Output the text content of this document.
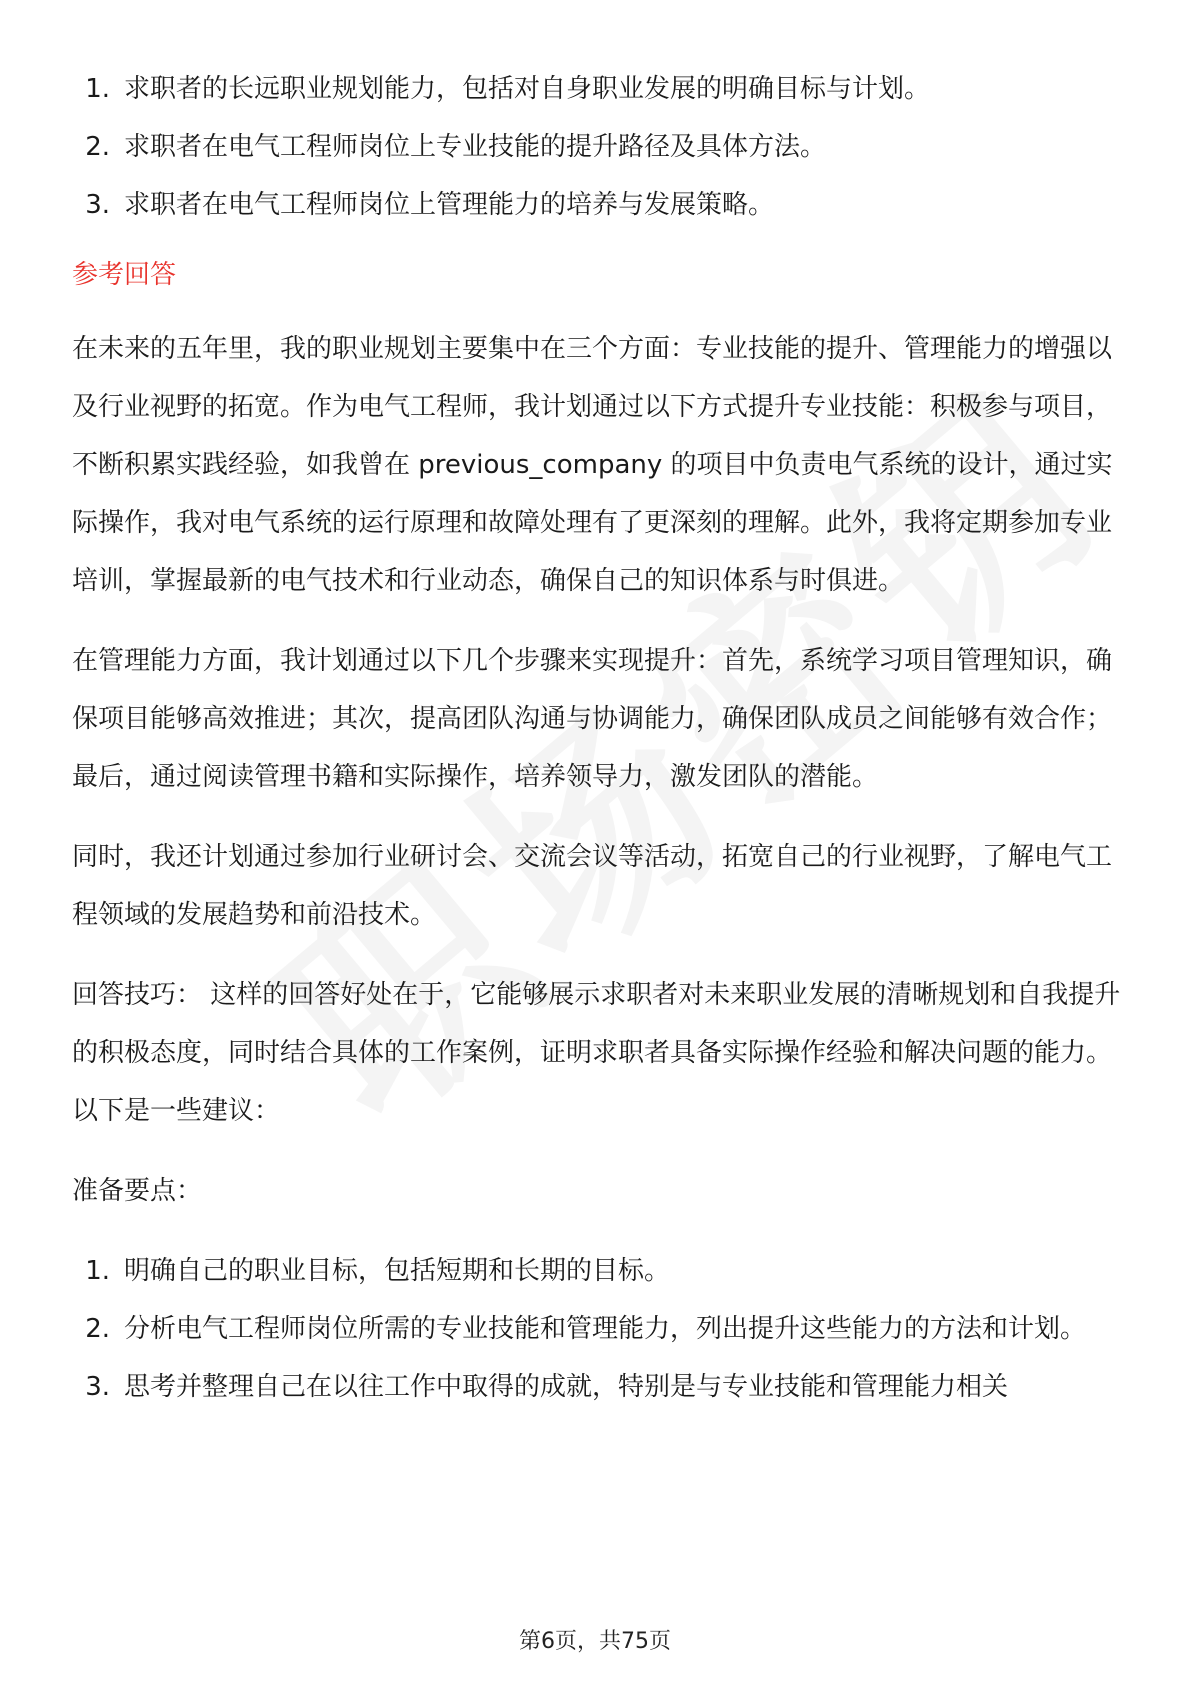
1. 求职者的长远职业规划能力，包括对自身职业发展的明确目标与计划。
2. 求职者在电气工程师岗位上专业技能的提升路径及具体方法。
3. 求职者在电气工程师岗位上管理能力的培养与发展策略。
参考回答
在未来的五年里，我的职业规划主要集中在三个方面：专业技能的提升、管理能力的增强以及行业视野的拓宽。作为电气工程师，我计划通过以下方式提升专业技能：积极参与项目，不断积累实践经验，如我曾在 previous_company 的项目中负责电气系统的设计，通过实际操作，我对电气系统的运行原理和故障处理有了更深刻的理解。此外，我将定期参加专业培训，掌握最新的电气技术和行业动态，确保自己的知识体系与时俱进。
在管理能力方面，我计划通过以下几个步骤来实现提升：首先，系统学习项目管理知识，确保项目能够高效推进；其次，提高团队沟通与协调能力，确保团队成员之间能够有效合作；最后，通过阅读管理书籍和实际操作，培养领导力，激发团队的潜能。
同时，我还计划通过参加行业研讨会、交流会议等活动，拓宽自己的行业视野，了解电气工程领域的发展趋势和前沿技术。
回答技巧： 这样的回答好处在于，它能够展示求职者对未来职业发展的清晰规划和自我提升的积极态度，同时结合具体的工作案例，证明求职者具备实际操作经验和解决问题的能力。以下是一些建议：
准备要点：
1. 明确自己的职业目标，包括短期和长期的目标。
2. 分析电气工程师岗位所需的专业技能和管理能力，列出提升这些能力的方法和计划。
3. 思考并整理自己在以往工作中取得的成就，特别是与专业技能和管理能力相关
第6页，共75页
